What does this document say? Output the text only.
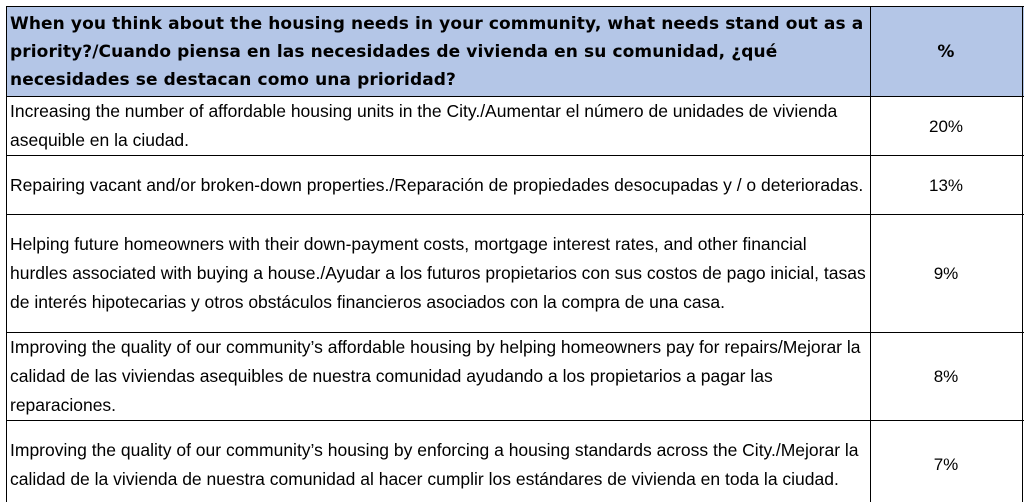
When you think about the housing needs in your community, what needs stand out as a priority?/Cuando piensa en las necesidades de vivienda en su comunidad, ¿qué necesidades se destacan como una prioridad?	%	
Increasing the number of affordable housing units in the City./Aumentar el número de unidades de vivienda asequible en la ciudad.	20%	
Repairing vacant and/or broken-down properties./Reparación de propiedades desocupadas y / o deterioradas.	13%	
Helping future homeowners with their down-payment costs, mortgage interest rates, and other financial hurdles associated with buying a house./Ayudar a los futuros propietarios con sus costos de pago inicial, tasas de interés hipotecarias y otros obstáculos financieros asociados con la compra de una casa.	9%	
Improving the quality of our community’s affordable housing by helping homeowners pay for repairs/Mejorar la calidad de las viviendas asequibles de nuestra comunidad ayudando a los propietarios a pagar las reparaciones.	8%	
Improving the quality of our community’s housing by enforcing a housing standards across the City./Mejorar la calidad de la vivienda de nuestra comunidad al hacer cumplir los estándares de vivienda en toda la ciudad.	7%	
